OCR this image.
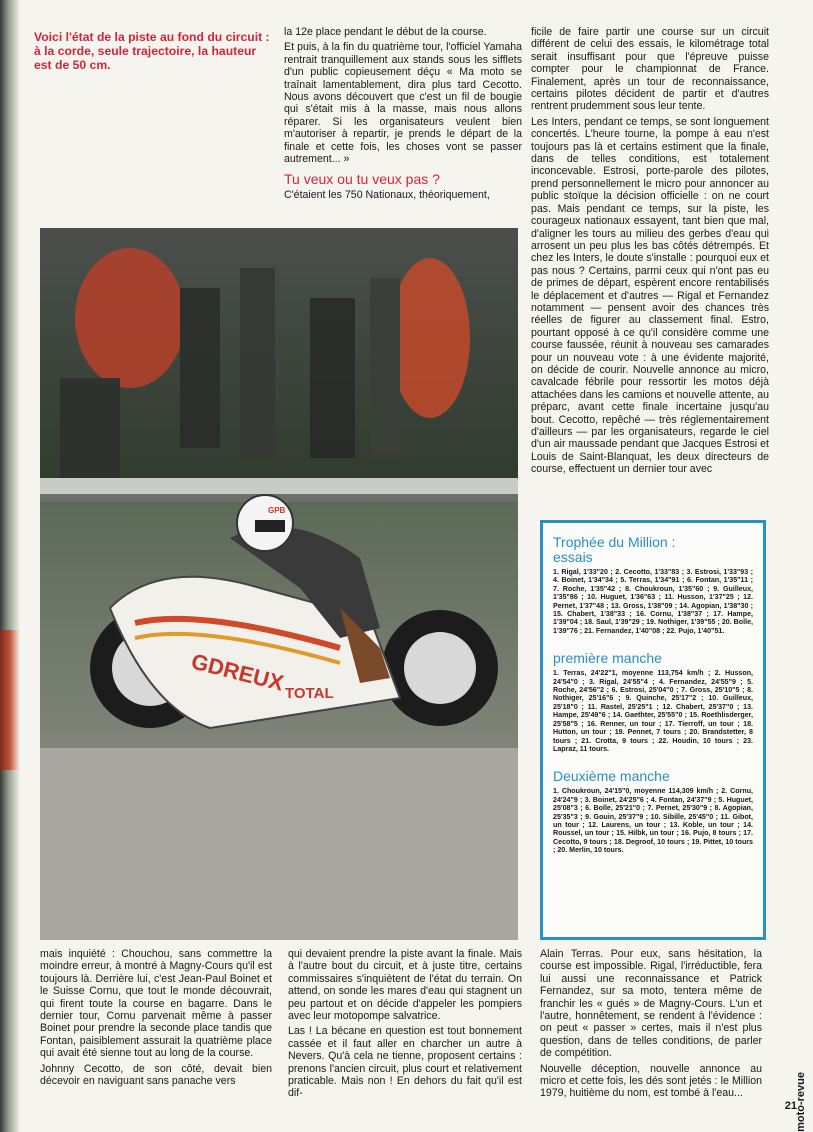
Voici l'état de la piste au fond du circuit : à la corde, seule trajectoire, la hauteur est de 50 cm.

la 12e place pendant le début de la course.

Et puis, à la fin du quatrième tour, l'officiel Yamaha rentrait tranquillement aux stands sous les sifflets d'un public copieusement déçu « Ma moto se traînait lamentablement, dira plus tard Cecotto. Nous avons découvert que c'est un fil de bougie qui s'était mis à la masse, mais nous allons réparer. Si les organisateurs veulent bien m'autoriser à repartir, je prends le départ de la finale et cette fois, les choses vont se passer autrement... »

Tu veux ou tu veux pas ?

C'étaient les 750 Nationaux, théoriquement,

ficile de faire partir une course sur un circuit différent de celui des essais, le kilométrage total serait insuffisant pour que l'épreuve puisse compter pour le championnat de France. Finalement, après un tour de reconnaissance, certains pilotes décident de partir et d'autres rentrent prudemment sous leur tente.

Les Inters, pendant ce temps, se sont longuement concertés. L'heure tourne, la pompe à eau n'est toujours pas là et certains estiment que la finale, dans de telles conditions, est totalement inconcevable. Estrosi, porte-parole des pilotes, prend personnellement le micro pour annoncer au public stoïque la décision officielle : on ne court pas. Mais pendant ce temps, sur la piste, les courageux nationaux essayent, tant bien que mal, d'aligner les tours au milieu des gerbes d'eau qui arrosent un peu plus les bas côtés détrempés. Et chez les Inters, le doute s'installe : pourquoi eux et pas nous ? Certains, parmi ceux qui n'ont pas eu de primes de départ, espèrent encore rentabilisés le déplacement et d'autres — Rigal et Fernandez notamment — pensent avoir des chances très réelles de figurer au classement final. Estro, pourtant opposé à ce qu'il considère comme une course faussée, réunit à nouveau ses camarades pour un nouveau vote : à une évidente majorité, on décide de courir. Nouvelle annonce au micro, cavalcade fébrile pour ressortir les motos déjà attachées dans les camions et nouvelle attente, au préparc, avant cette finale incertaine jusqu'au bout. Cecotto, repêché — très réglementairement d'ailleurs — par les organisateurs, regarde le ciel d'un air maussade pendant que Jacques Estrosi et Louis de Saint-Blanquat, les deux directeurs de course, effectuent un dernier tour avec

GDREUX
TOTAL
GPB
Trophée du Million :
essais

1. Rigal, 1'33"20 ; 2. Cecotto, 1'33"83 ; 3. Estrosi, 1'33"93 ; 4. Boinet, 1'34"34 ; 5. Terras, 1'34"91 ; 6. Fontan, 1'35"11 ; 7. Roche, 1'35"42 ; 8. Choukroun, 1'35"60 ; 9. Guilleux, 1'35"86 ; 10. Huguet, 1'36"63 ; 11. Husson, 1'37"25 ; 12. Pernet, 1'37"48 ; 13. Gross, 1'38"09 ; 14. Agopian, 1'38"30 ; 15. Chabert, 1'38"33 ; 16. Cornu, 1'38"37 ; 17. Hampe, 1'39"04 ; 18. Saul, 1'39"29 ; 19. Nothiger, 1'39"55 ; 20. Bolle, 1'39"76 ; 21. Fernandez, 1'40"08 ; 22. Pujo, 1'40"51.

première manche

1. Terras, 24'22"1, moyenne 113,754 km/h ; 2. Husson, 24'54"0 ; 3. Rigal, 24'55"4 ; 4. Fernandez, 24'55"9 ; 5. Roche, 24'56"2 ; 6. Estrosi, 25'04"0 ; 7. Gross, 25'10"5 ; 8. Nothiger, 25'16"6 ; 9. Quinche, 25'17"2 ; 10. Guilleux, 25'18"0 ; 11. Rastel, 25'25"1 ; 12. Chabert, 25'37"0 ; 13. Hampe, 25'49"6 ; 14. Gaethter, 25'55"0 ; 15. Roethlisderger, 25'58"5 ; 16. Renner, un tour ; 17. Tierroff, un tour ; 18. Hutton, un tour ; 19. Pennet, 7 tours ; 20. Brandstetter, 8 tours ; 21. Crotta, 9 tours ; 22. Houdin, 10 tours ; 23. Lapraz, 11 tours.

Deuxième manche

1. Choukroun, 24'15"0, moyenne 114,309 km/h ; 2. Cornu, 24'24"9 ; 3. Boinet, 24'25"6 ; 4. Fontan, 24'37"9 ; 5. Huguet, 25'08"3 ; 6. Bolle, 25'21"0 ; 7. Pernet, 25'30"9 ; 8. Agopian, 25'35"3 ; 9. Gouin, 25'37"9 ; 10. Sibille, 25'45"0 ; 11. Gibot, un tour ; 12. Laurens, un tour ; 13. Koble, un tour ; 14. Roussel, un tour ; 15. Hilbk, un tour ; 16. Pujo, 8 tours ; 17. Cecotto, 9 tours ; 18. Degroof, 10 tours ; 19. Pittet, 10 tours ; 20. Merlin, 10 tours.

mais inquiété : Chouchou, sans commettre la moindre erreur, à montré à Magny-Cours qu'il est toujours là. Derrière lui, c'est Jean-Paul Boinet et le Suisse Cornu, que tout le monde découvrait, qui firent toute la course en bagarre. Dans le dernier tour, Cornu parvenait même à passer Boinet pour prendre la seconde place tandis que Fontan, paisiblement assurait la quatrième place qui avait été sienne tout au long de la course.

Johnny Cecotto, de son côté, devait bien décevoir en naviguant sans panache vers

qui devaient prendre la piste avant la finale. Mais à l'autre bout du circuit, et à juste titre, certains commissaires s'inquiètent de l'état du terrain. On attend, on sonde les mares d'eau qui stagnent un peu partout et on décide d'appeler les pompiers avec leur motopompe salvatrice.

Las ! La bécane en question est tout bonnement cassée et il faut aller en charcher un autre à Nevers. Qu'à cela ne tienne, proposent certains : prenons l'ancien circuit, plus court et relativement praticable. Mais non ! En dehors du fait qu'il est dif-

Alain Terras. Pour eux, sans hésitation, la course est impossible. Rigal, l'irréductible, fera lui aussi une reconnaissance et Patrick Fernandez, sur sa moto, tentera même de franchir les « gués » de Magny-Cours. L'un et l'autre, honnêtement, se rendent à l'évidence : on peut « passer » certes, mais il n'est plus question, dans de telles conditions, de parler de compétition.

Nouvelle déception, nouvelle annonce au micro et cette fois, les dés sont jetés : le Million 1979, huitième du nom, est tombé à l'eau...	moto-revue
21
